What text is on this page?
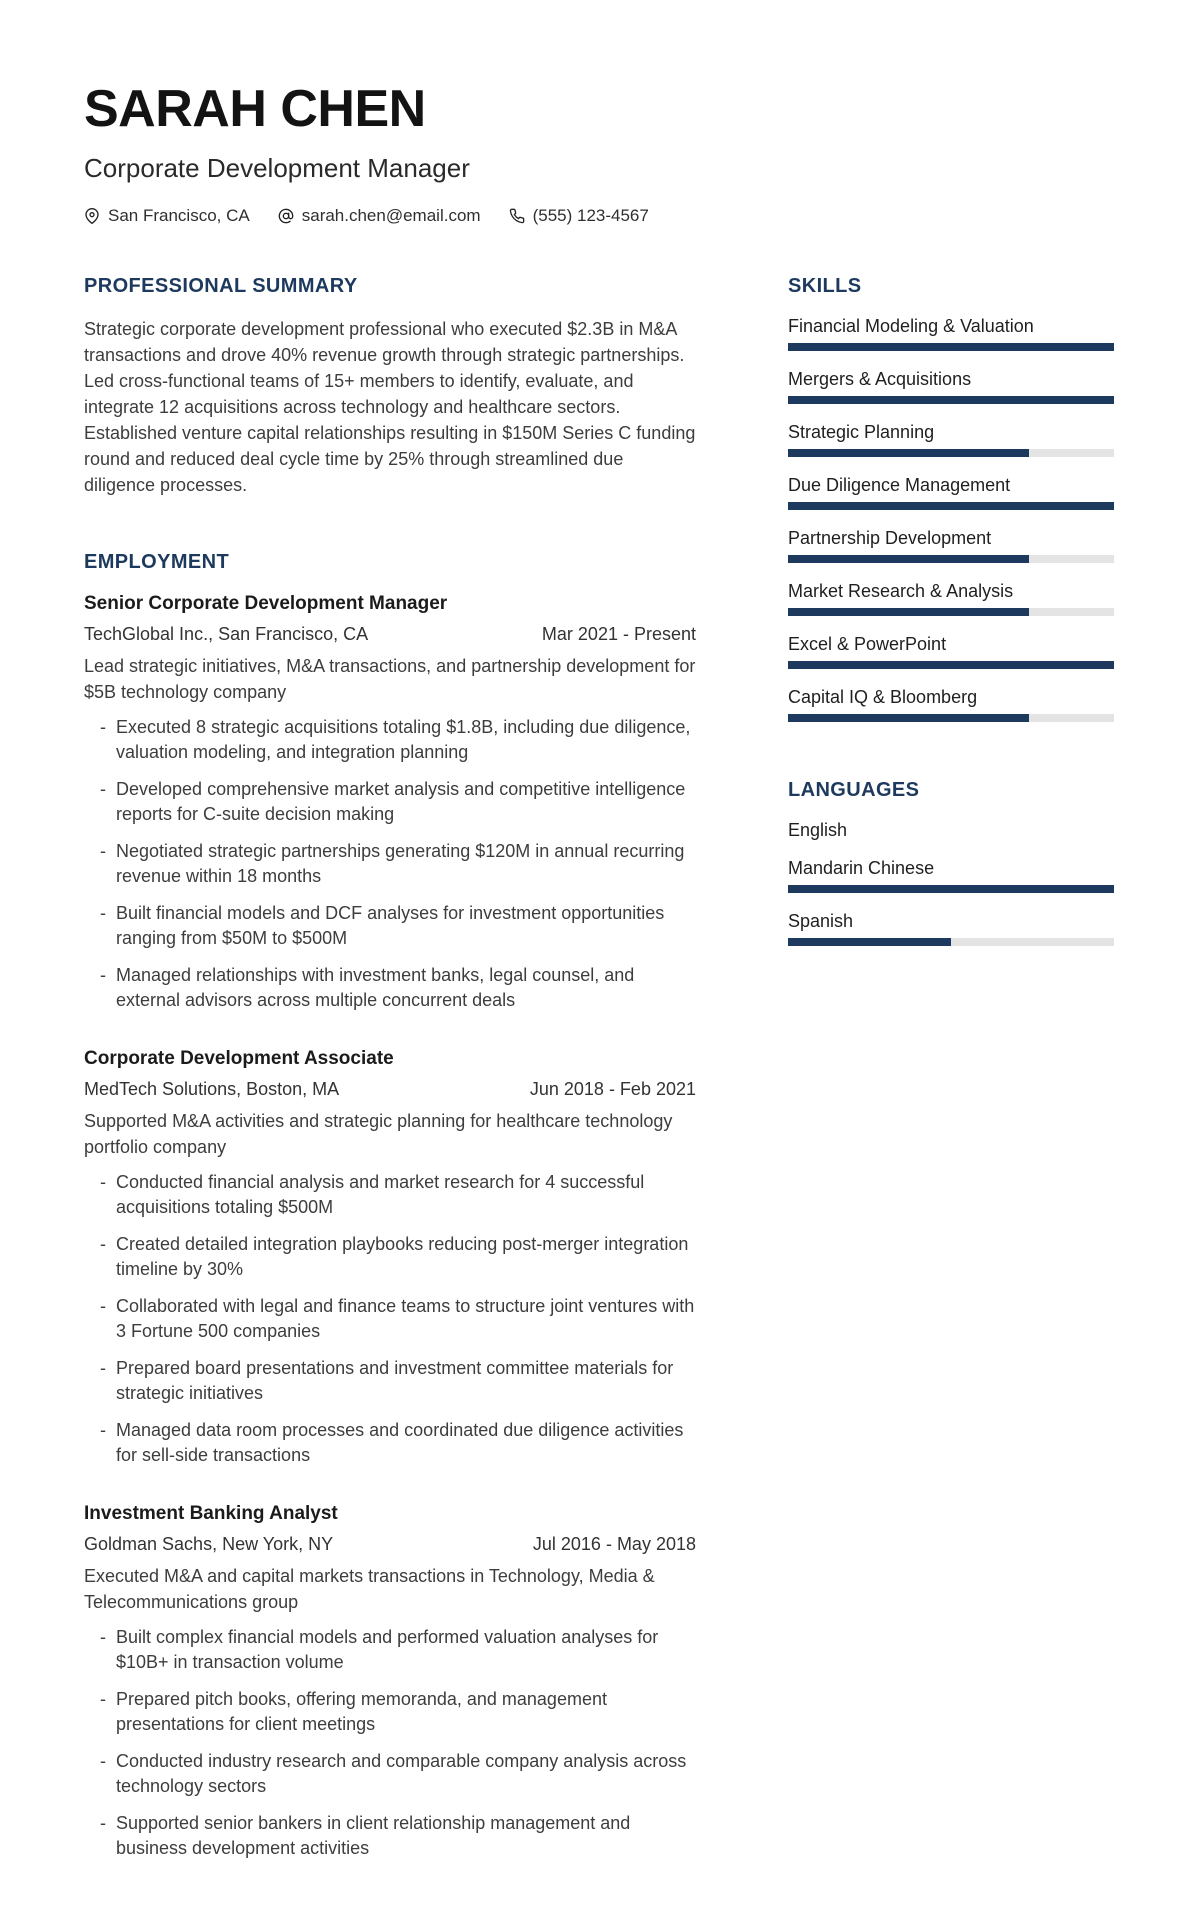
SARAH CHEN
Corporate Development Manager
San Francisco, CA	sarah.chen@email.com	(555) 123-4567
PROFESSIONAL SUMMARY

Strategic corporate development professional who executed $2.3B in M&A transactions and drove 40% revenue growth through strategic partnerships. Led cross-functional teams of 15+ members to identify, evaluate, and integrate 12 acquisitions across technology and healthcare sectors. Established venture capital relationships resulting in $150M Series C funding round and reduced deal cycle time by 25% through streamlined due diligence processes.

EMPLOYMENT
Senior Corporate Development Manager
TechGlobal Inc., San Francisco, CA	Mar 2021 - Present

Lead strategic initiatives, M&A transactions, and partnership development for $5B technology company

- Executed 8 strategic acquisitions totaling $1.8B, including due diligence, valuation modeling, and integration planning
- Developed comprehensive market analysis and competitive intelligence reports for C-suite decision making
- Negotiated strategic partnerships generating $120M in annual recurring revenue within 18 months
- Built financial models and DCF analyses for investment opportunities ranging from $50M to $500M
- Managed relationships with investment banks, legal counsel, and external advisors across multiple concurrent deals
Corporate Development Associate
MedTech Solutions, Boston, MA	Jun 2018 - Feb 2021

Supported M&A activities and strategic planning for healthcare technology portfolio company

- Conducted financial analysis and market research for 4 successful acquisitions totaling $500M
- Created detailed integration playbooks reducing post-merger integration timeline by 30%
- Collaborated with legal and finance teams to structure joint ventures with 3 Fortune 500 companies
- Prepared board presentations and investment committee materials for strategic initiatives
- Managed data room processes and coordinated due diligence activities for sell-side transactions
Investment Banking Analyst
Goldman Sachs, New York, NY	Jul 2016 - May 2018

Executed M&A and capital markets transactions in Technology, Media & Telecommunications group

- Built complex financial models and performed valuation analyses for $10B+ in transaction volume
- Prepared pitch books, offering memoranda, and management presentations for client meetings
- Conducted industry research and comparable company analysis across technology sectors
- Supported senior bankers in client relationship management and business development activities
SKILLS
Financial Modeling & Valuation
Mergers & Acquisitions
Strategic Planning
Due Diligence Management
Partnership Development
Market Research & Analysis
Excel & PowerPoint
Capital IQ & Bloomberg
LANGUAGES
English
Mandarin Chinese
Spanish
